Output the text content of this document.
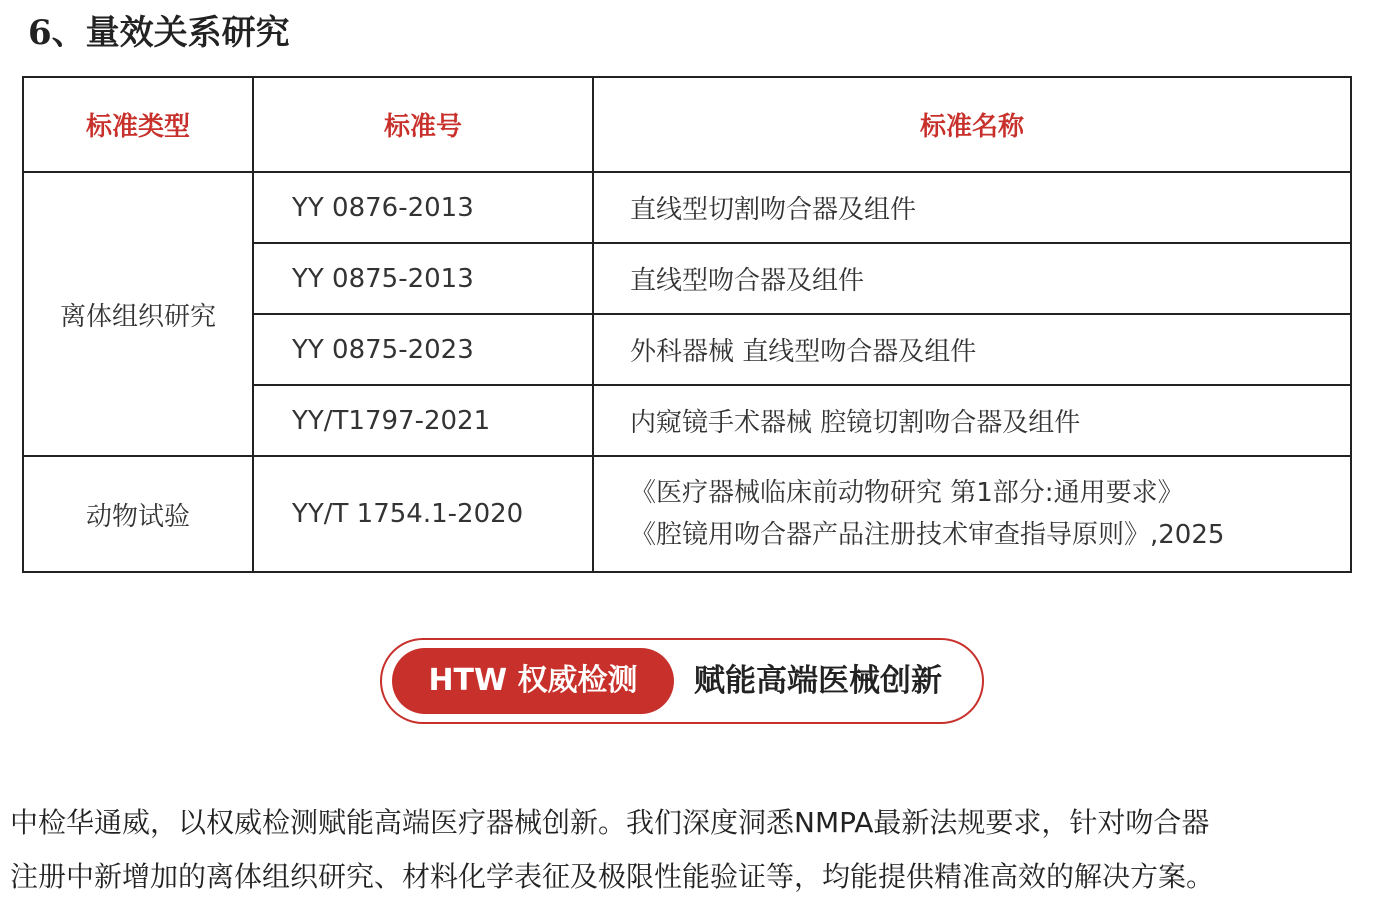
6、量效关系研究
标准类型	标准号	标准名称
离体组织研究	YY 0876-2013	直线型切割吻合器及组件
	YY 0875-2013	直线型吻合器及组件
	YY 0875-2023	外科器械 直线型吻合器及组件
	YY/T1797-2021	内窥镜手术器械 腔镜切割吻合器及组件
动物试验	YY/T 1754.1-2020	《医疗器械临床前动物研究 第1部分:通用要求》
《腔镜用吻合器产品注册技术审查指导原则》,2025
HTW 权威检测	赋能高端医械创新

中检华通威，以权威检测赋能高端医疗器械创新。我们深度洞悉NMPA最新法规要求，针对吻合器
注册中新增加的离体组织研究、材料化学表征及极限性能验证等，均能提供精准高效的解决方案。
